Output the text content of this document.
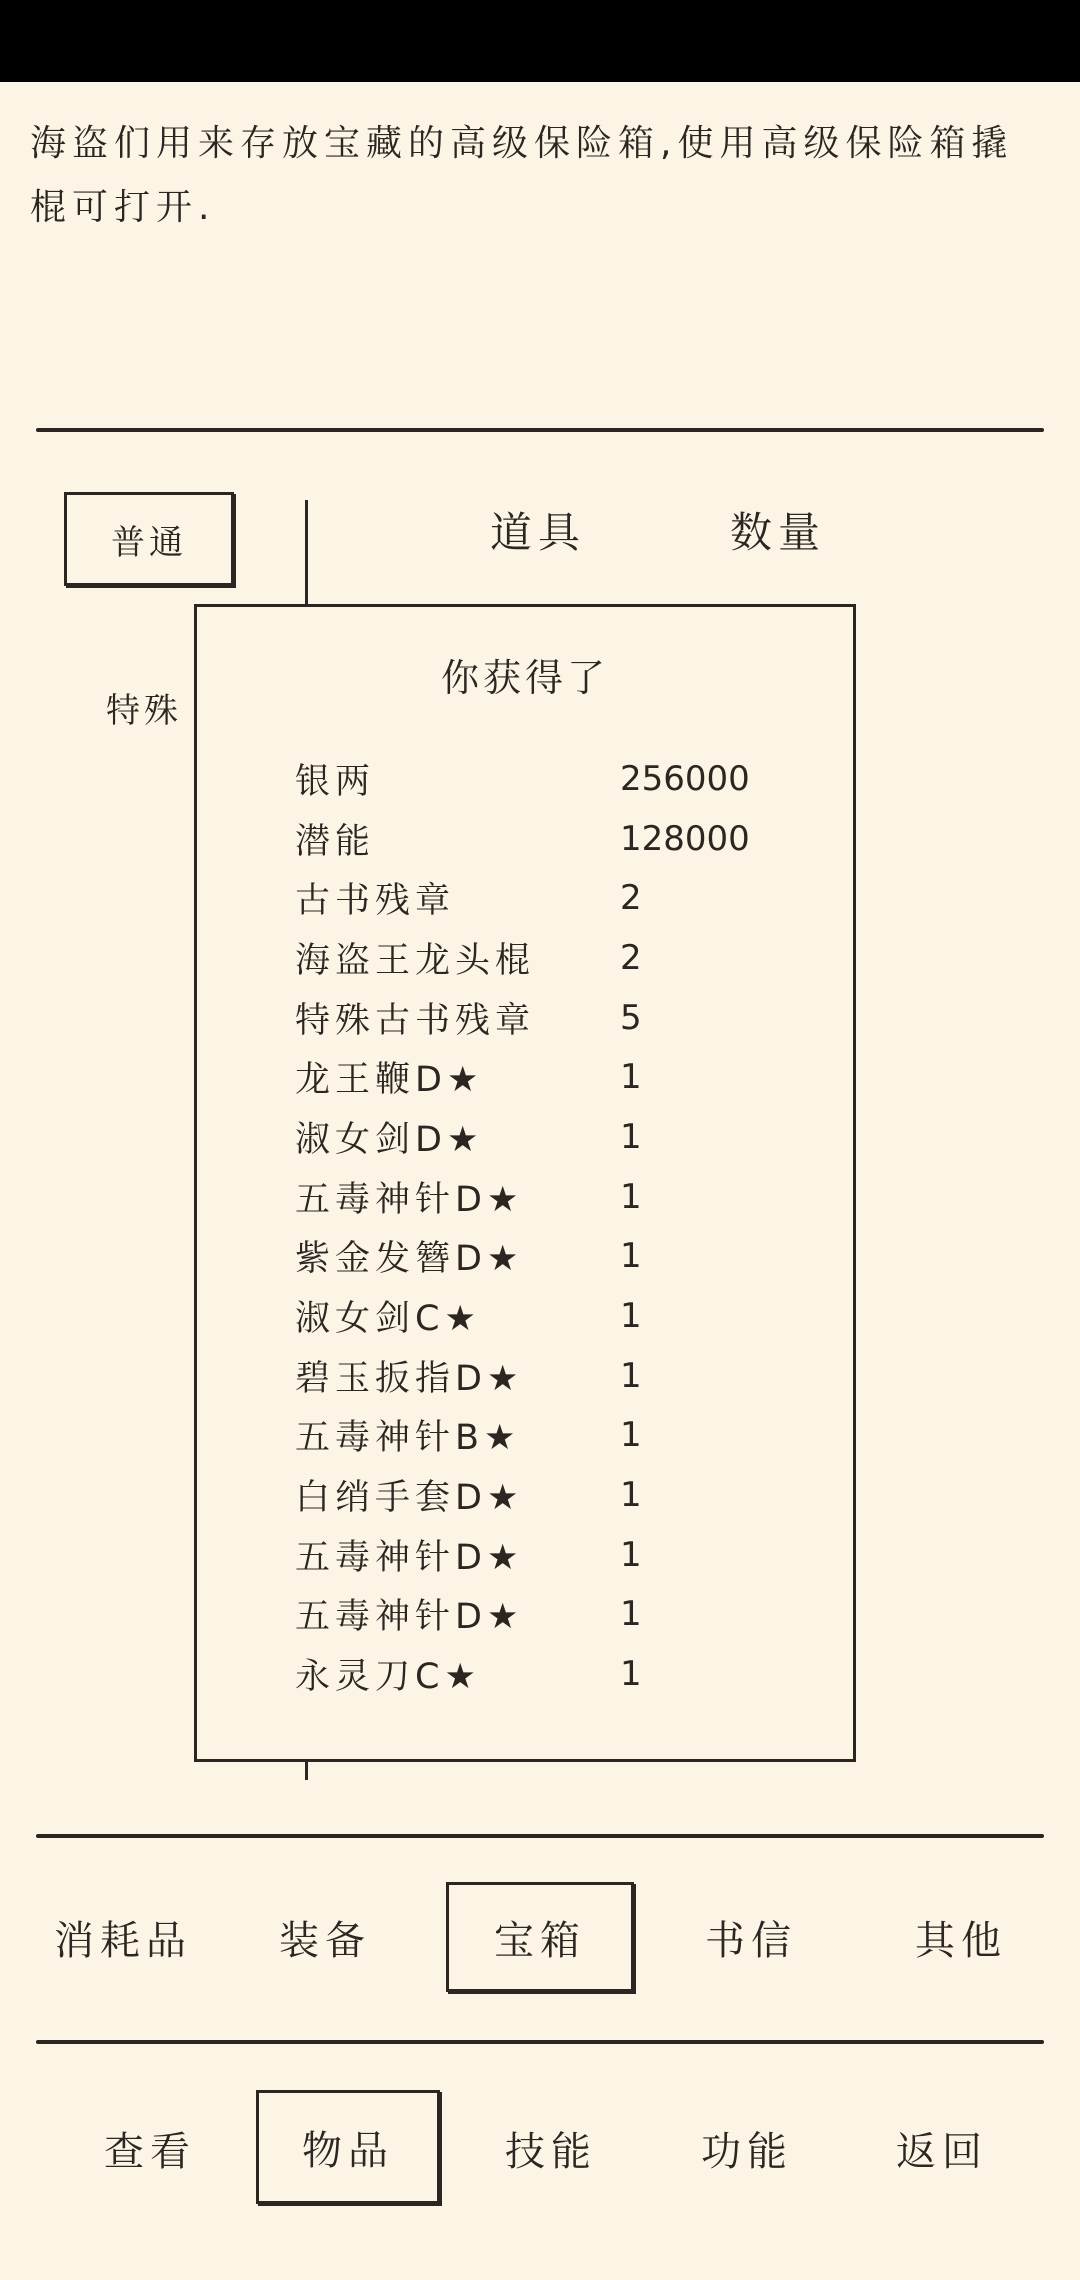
海盗们用来存放宝藏的高级保险箱,使用高级保险箱撬棍可打开.
普通
特殊
道具	数量
你获得了
银两	256000
潜能	128000
古书残章	2
海盗王龙头棍	2
特殊古书残章	5
龙王鞭D★	1
淑女剑D★	1
五毒神针D★	1
紫金发簪D★	1
淑女剑C★	1
碧玉扳指D★	1
五毒神针B★	1
白绡手套D★	1
五毒神针D★	1
五毒神针D★	1
永灵刀C★	1
消耗品 装备	宝箱	书信	其他
查看	物品	技能	功能	返回
